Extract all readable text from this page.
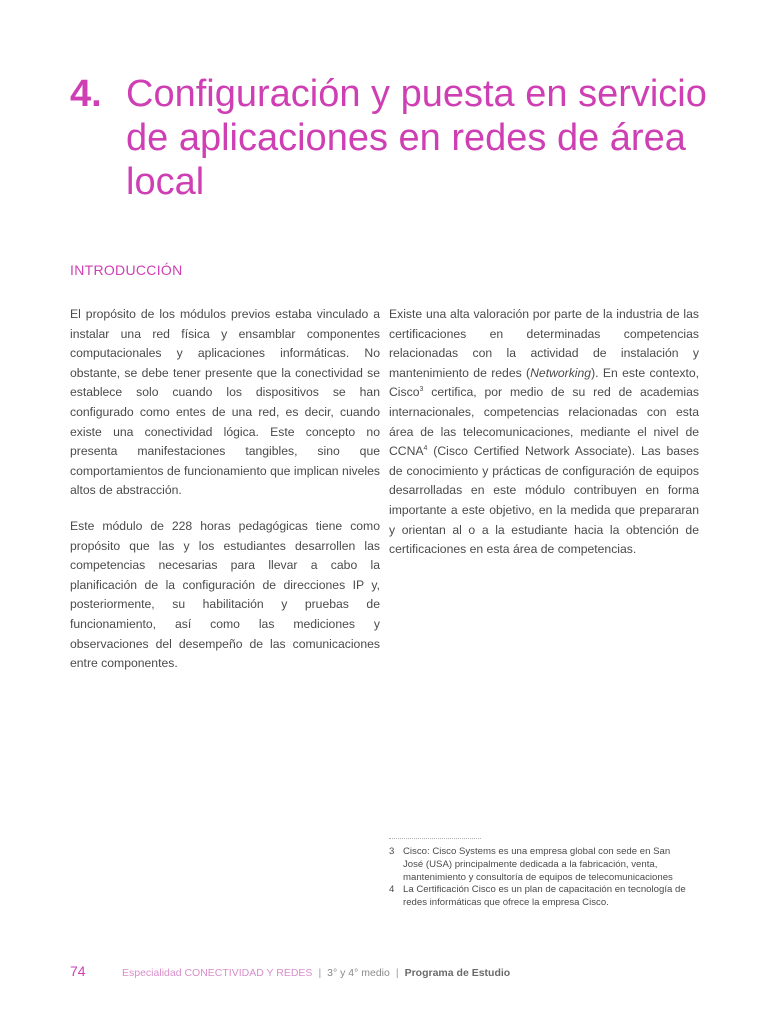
4. Configuración y puesta en servicio de aplicaciones en redes de área local
INTRODUCCIÓN

El propósito de los módulos previos estaba vinculado a instalar una red física y ensamblar componentes computacionales y aplicaciones informáticas. No obstante, se debe tener presente que la conectividad se establece solo cuando los dispositivos se han configurado como entes de una red, es decir, cuando existe una conectividad lógica. Este concepto no presenta manifestaciones tangibles, sino que comportamientos de funcionamiento que implican niveles altos de abstracción.

Este módulo de 228 horas pedagógicas tiene como propósito que las y los estudiantes desarrollen las competencias necesarias para llevar a cabo la planificación de la configuración de direcciones IP y, posteriormente, su habilitación y pruebas de funcionamiento, así como las mediciones y observaciones del desempeño de las comunicaciones entre componentes.

Existe una alta valoración por parte de la industria de las certificaciones en determinadas competencias relacionadas con la actividad de instalación y mantenimiento de redes (Networking). En este contexto, Cisco$^3$ certifica, por medio de su red de academias internacionales, competencias relacionadas con esta área de las telecomunicaciones, mediante el nivel de CCNA$^4$ (Cisco Certified Network Associate). Las bases de conocimiento y prácticas de configuración de equipos desarrolladas en este módulo contribuyen en forma importante a este objetivo, en la medida que prepararan y orientan al o a la estudiante hacia la obtención de certificaciones en esta área de competencias.

3 Cisco: Cisco Systems es una empresa global con sede en San José (USA) principalmente dedicada a la fabricación, venta, mantenimiento y consultoría de equipos de telecomunicaciones
4 La Certificación Cisco es un plan de capacitación en tecnología de redes informáticas que ofrece la empresa Cisco.
74	Especialidad CONECTIVIDAD Y REDES | 3° y 4° medio | Programa de Estudio
